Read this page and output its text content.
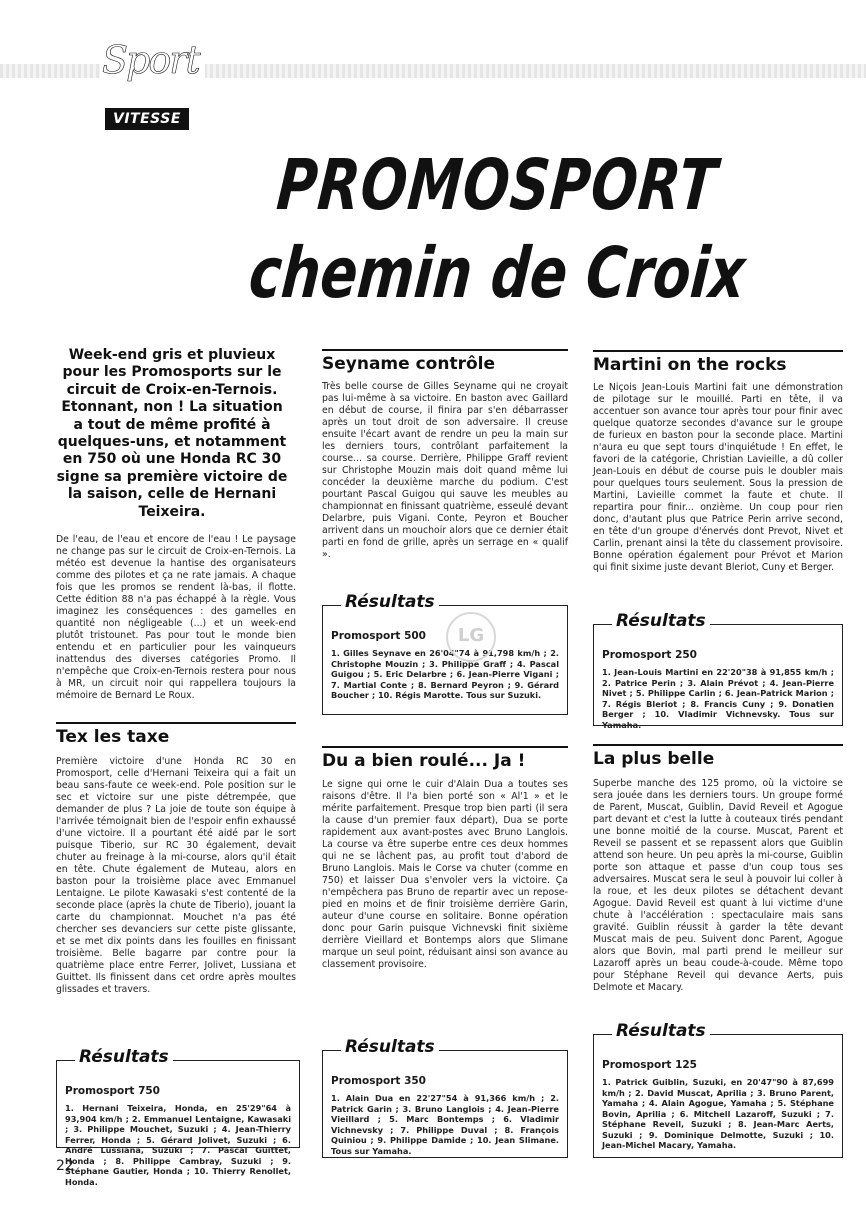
Sport
VITESSE
PROMOSPORT
chemin de Croix
Week-end gris et pluvieux pour les Promosports sur le circuit de Croix-en-Ternois. Etonnant, non ! La situation a tout de même profité à quelques-uns, et notamment en 750 où une Honda RC 30 signe sa première victoire de la saison, celle de Hernani Teixeira.
De l'eau, de l'eau et encore de l'eau ! Le paysage ne change pas sur le circuit de Croix-en-Ternois. La météo est devenue la hantise des organisateurs comme des pilotes et ça ne rate jamais. A chaque fois que les promos se rendent là-bas, il flotte. Cette édition 88 n'a pas échappé à la règle. Vous imaginez les conséquences : des gamelles en quantité non négligeable (...) et un week-end plutôt tristounet. Pas pour tout le monde bien entendu et en particulier pour les vainqueurs inattendus des diverses catégories Promo. Il n'empêche que Croix-en-Ternois restera pour nous à MR, un circuit noir qui rappellera toujours la mémoire de Bernard Le Roux.
Tex les taxe
Première victoire d'une Honda RC 30 en Promosport, celle d'Hernani Teixeira qui a fait un beau sans-faute ce week-end. Pole position sur le sec et victoire sur une piste détrempée, que demander de plus ? La joie de toute son équipe à l'arrivée témoignait bien de l'espoir enfin exhaussé d'une victoire. Il a pourtant été aidé par le sort puisque Tiberio, sur RC 30 également, devait chuter au freinage à la mi-course, alors qu'il était en tête. Chute également de Muteau, alors en baston pour la troisième place avec Emmanuel Lentaigne. Le pilote Kawasaki s'est contenté de la seconde place (après la chute de Tiberio), jouant la carte du championnat. Mouchet n'a pas été chercher ses devanciers sur cette piste glissante, et se met dix points dans les fouilles en finissant troisième. Belle bagarre par contre pour la quatrième place entre Ferrer, Jolivet, Lussiana et Guittet. Ils finissent dans cet ordre après moultes glissades et travers.
Résultats
Promosport 750
1. Hernani Teixeira, Honda, en 25'29"64 à 93,904 km/h ; 2. Emmanuel Lentaigne, Kawasaki ; 3. Philippe Mouchet, Suzuki ; 4. Jean-Thierry Ferrer, Honda ; 5. Gérard Jolivet, Suzuki ; 6. André Lussiana, Suzuki ; 7. Pascal Guittet, Honda ; 8. Philippe Cambray, Suzuki ; 9. Stéphane Gautier, Honda ; 10. Thierry Renollet, Honda.
22
Seyname contrôle
Très belle course de Gilles Seyname qui ne croyait pas lui-même à sa victoire. En baston avec Gaillard en début de course, il finira par s'en débarrasser après un tout droit de son adversaire. Il creuse ensuite l'écart avant de rendre un peu la main sur les derniers tours, contrôlant parfaitement la course... sa course. Derrière, Philippe Graff revient sur Christophe Mouzin mais doit quand même lui concéder la deuxième marche du podium. C'est pourtant Pascal Guigou qui sauve les meubles au championnat en finissant quatrième, esseulé devant Delarbre, puis Vigani. Conte, Peyron et Boucher arrivent dans un mouchoir alors que ce dernier était parti en fond de grille, après un serrage en « qualif ».
Résultats
Promosport 500
1. Gilles Seynave en 26'04"74 à 91,798 km/h ; 2. Christophe Mouzin ; 3. Philippe Graff ; 4. Pascal Guigou ; 5. Eric Delarbre ; 6. Jean-Pierre Vigani ; 7. Martial Conte ; 8. Bernard Peyron ; 9. Gérard Boucher ; 10. Régis Marotte. Tous sur Suzuki.
LG
Du a bien roulé... Ja !
Le signe qui orne le cuir d'Alain Dua a toutes ses raisons d'être. Il l'a bien porté son « Al'1 » et le mérite parfaitement. Presque trop bien parti (il sera la cause d'un premier faux départ), Dua se porte rapidement aux avant-postes avec Bruno Langlois. La course va être superbe entre ces deux hommes qui ne se lâchent pas, au profit tout d'abord de Bruno Langlois. Mais le Corse va chuter (comme en 750) et laisser Dua s'envoler vers la victoire. Ça n'empêchera pas Bruno de repartir avec un repose-pied en moins et de finir troisième derrière Garin, auteur d'une course en solitaire. Bonne opération donc pour Garin puisque Vichnevski finit sixième derrière Vieillard et Bontemps alors que Slimane marque un seul point, réduisant ainsi son avance au classement provisoire.
Résultats
Promosport 350
1. Alain Dua en 22'27"54 à 91,366 km/h ; 2. Patrick Garin ; 3. Bruno Langlois ; 4. Jean-Pierre Vieillard ; 5. Marc Bontemps ; 6. Vladimir Vichnevsky ; 7. Philippe Duval ; 8. François Quiniou ; 9. Philippe Damide ; 10. Jean Slimane. Tous sur Yamaha.
Martini on the rocks
Le Niçois Jean-Louis Martini fait une démonstration de pilotage sur le mouillé. Parti en tête, il va accentuer son avance tour après tour pour finir avec quelque quatorze secondes d'avance sur le groupe de furieux en baston pour la seconde place. Martini n'aura eu que sept tours d'inquiétude ! En effet, le favori de la catégorie, Christian Lavieille, a dû coller Jean-Louis en début de course puis le doubler mais pour quelques tours seulement. Sous la pression de Martini, Lavieille commet la faute et chute. Il repartira pour finir... onzième. Un coup pour rien donc, d'autant plus que Patrice Perin arrive second, en tête d'un groupe d'énervés dont Prevot, Nivet et Carlin, prenant ainsi la tête du classement provisoire. Bonne opération également pour Prévot et Marion qui finit sixime juste devant Bleriot, Cuny et Berger.
Résultats
Promosport 250
1. Jean-Louis Martini en 22'20"38 à 91,855 km/h ; 2. Patrice Perin ; 3. Alain Prévot ; 4. Jean-Pierre Nivet ; 5. Philippe Carlin ; 6. Jean-Patrick Marion ; 7. Régis Bleriot ; 8. Francis Cuny ; 9. Donatien Berger ; 10. Vladimir Vichnevsky. Tous sur Yamaha.
La plus belle
Superbe manche des 125 promo, où la victoire se sera jouée dans les derniers tours. Un groupe formé de Parent, Muscat, Guiblin, David Reveil et Agogue part devant et c'est la lutte à couteaux tirés pendant une bonne moitié de la course. Muscat, Parent et Reveil se passent et se repassent alors que Guiblin attend son heure. Un peu après la mi-course, Guiblin porte son attaque et passe d'un coup tous ses adversaires. Muscat sera le seul à pouvoir lui coller à la roue, et les deux pilotes se détachent devant Agogue. David Reveil est quant à lui victime d'une chute à l'accélération : spectaculaire mais sans gravité. Guiblin réussit à garder la tête devant Muscat mais de peu. Suivent donc Parent, Agogue alors que Bovin, mal parti prend le meilleur sur Lazaroff après un beau coude-à-coude. Même topo pour Stéphane Reveil qui devance Aerts, puis Delmote et Macary.
Résultats
Promosport 125
1. Patrick Guiblin, Suzuki, en 20'47"90 à 87,699 km/h ; 2. David Muscat, Aprilia ; 3. Bruno Parent, Yamaha ; 4. Alain Agogue, Yamaha ; 5. Stéphane Bovin, Aprilia ; 6. Mitchell Lazaroff, Suzuki ; 7. Stéphane Reveil, Suzuki ; 8. Jean-Marc Aerts, Suzuki ; 9. Dominique Delmotte, Suzuki ; 10. Jean-Michel Macary, Yamaha.
